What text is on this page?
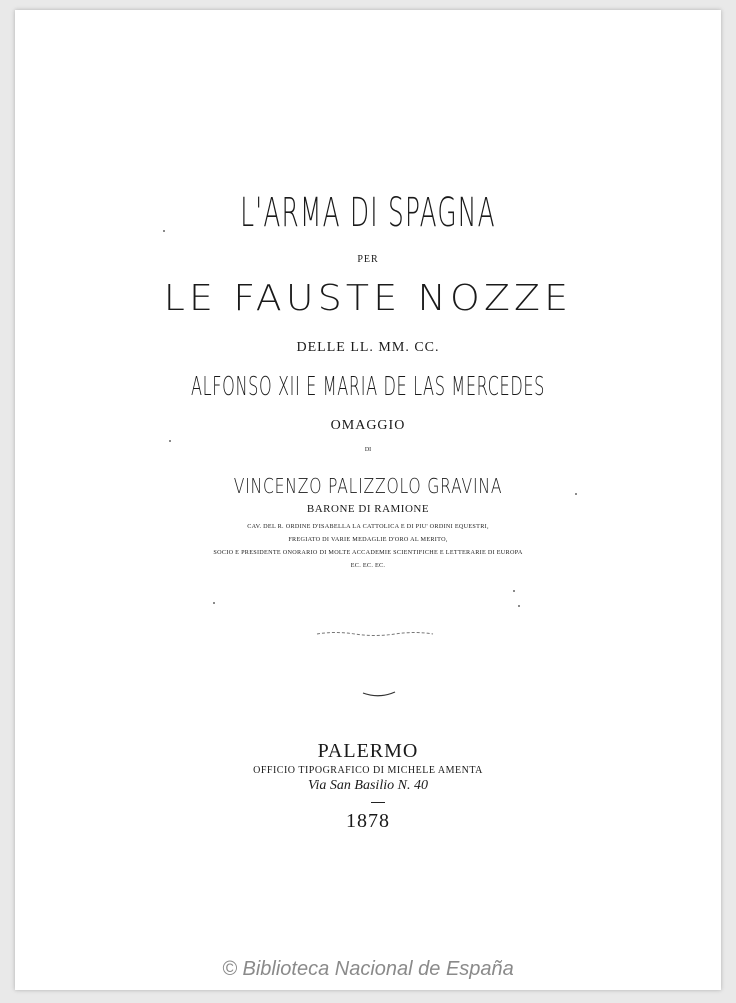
L'ARMA DI SPAGNA
PER
LE FAUSTE NOZZE
DELLE LL. MM. CC.
ALFONSO XII E MARIA DE LAS MERCEDES
OMAGGIO
DI
VINCENZO PALIZZOLO GRAVINA
BARONE DI RAMIONE
CAV. DEL R. ORDINE D'ISABELLA LA CATTOLICA E DI PIU' ORDINI EQUESTRI,
FREGIATO DI VARIE MEDAGLIE D'ORO AL MERITO,
SOCIO E PRESIDENTE ONORARIO DI MOLTE ACCADEMIE SCIENTIFICHE E LETTERARIE DI EUROPA
EC. EC. EC.
PALERMO
OFFICIO TIPOGRAFICO DI MICHELE AMENTA
Via San Basilio N. 40
1878
© Biblioteca Nacional de España
